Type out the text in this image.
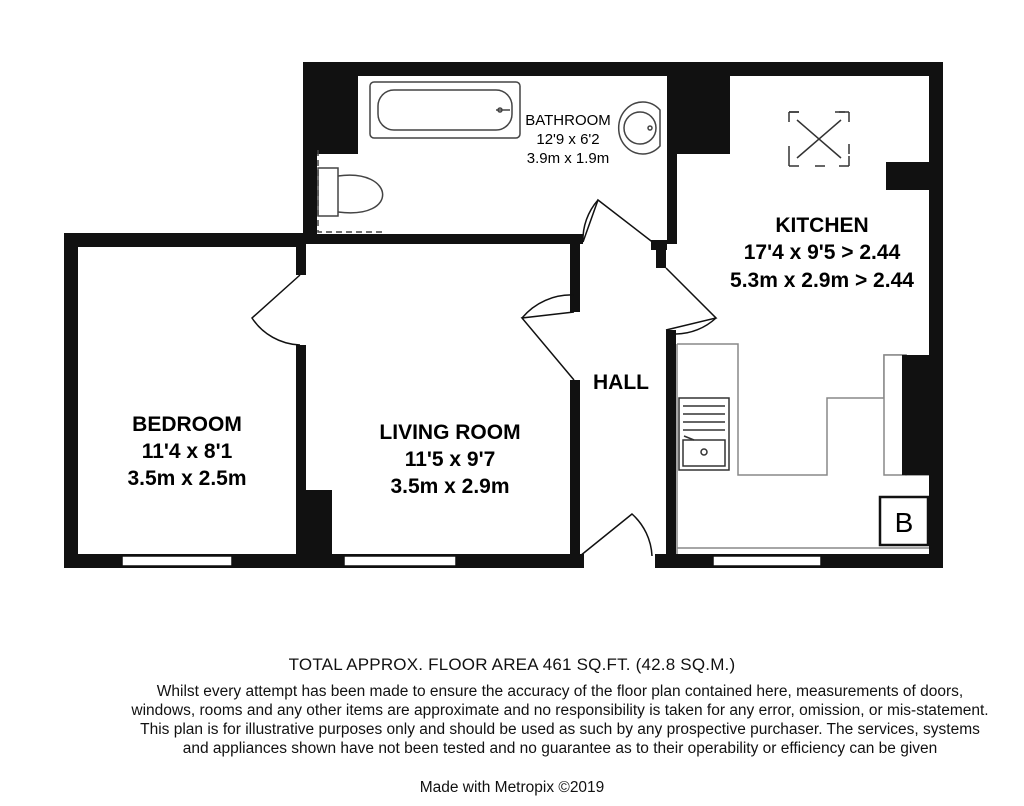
B
BATHROOM
12'9 x 6'2
3.9m x 1.9m
KITCHEN
17'4 x 9'5 > 2.44
5.3m x 2.9m > 2.44
BEDROOM
11'4 x 8'1
3.5m x 2.5m
LIVING ROOM
11'5 x 9'7
3.5m x 2.9m
HALL
TOTAL APPROX. FLOOR AREA 461 SQ.FT. (42.8 SQ.M.)
Whilst every attempt has been made to ensure the accuracy of the floor plan contained here, measurements of doors, windows, rooms and any other items are approximate and no responsibility is taken for any error, omission, or mis-statement. This plan is for illustrative purposes only and should be used as such by any prospective purchaser. The services, systems and appliances shown have not been tested and no guarantee as to their operability or efficiency can be given
Made with Metropix ©2019
